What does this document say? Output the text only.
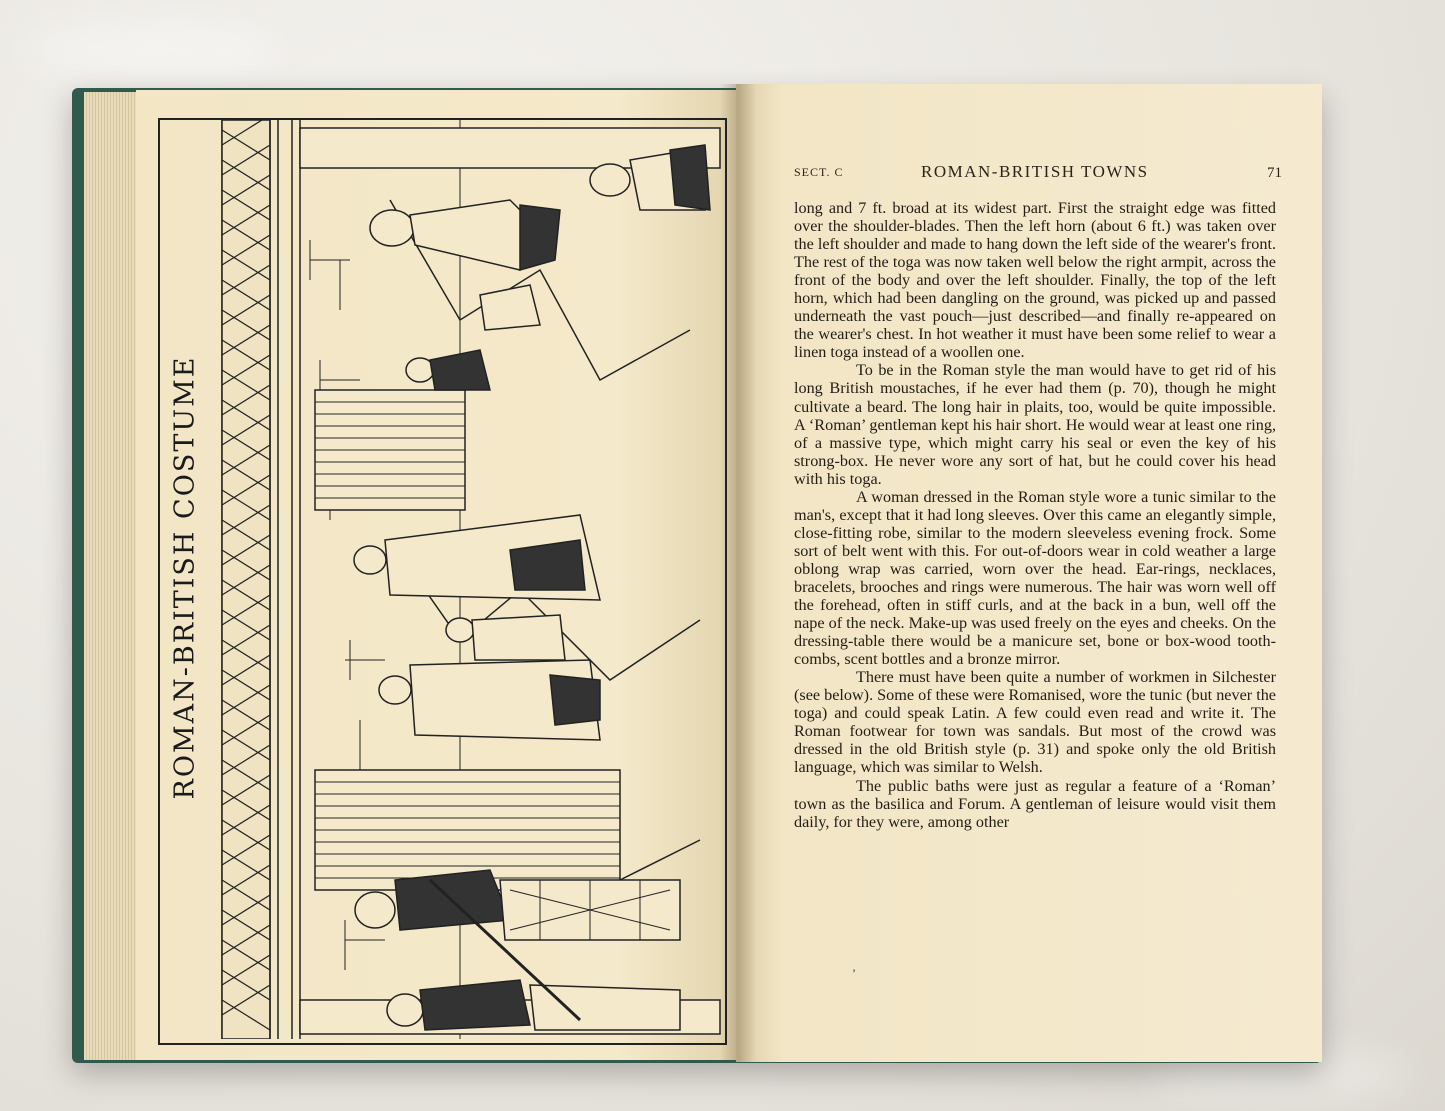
ROMAN-BRITISH COSTUME
SECT. C	ROMAN-BRITISH TOWNS	71

long and 7 ft. broad at its widest part. First the straight edge was fitted over the shoulder-blades. Then the left horn (about 6 ft.) was taken over the left shoulder and made to hang down the left side of the wearer's front. The rest of the toga was now taken well below the right armpit, across the front of the body and over the left shoulder. Finally, the top of the left horn, which had been dangling on the ground, was picked up and passed underneath the vast pouch—just described—and finally re-appeared on the wearer's chest. In hot weather it must have been some relief to wear a linen toga instead of a woollen one.

To be in the Roman style the man would have to get rid of his long British moustaches, if he ever had them (p. 70), though he might cultivate a beard. The long hair in plaits, too, would be quite impossible. A ‘Roman’ gentleman kept his hair short. He would wear at least one ring, of a massive type, which might carry his seal or even the key of his strong-box. He never wore any sort of hat, but he could cover his head with his toga.

A woman dressed in the Roman style wore a tunic similar to the man's, except that it had long sleeves. Over this came an elegantly simple, close-fitting robe, similar to the modern sleeveless evening frock. Some sort of belt went with this. For out-of-doors wear in cold weather a large oblong wrap was carried, worn over the head. Ear-rings, necklaces, bracelets, brooches and rings were numerous. The hair was worn well off the forehead, often in stiff curls, and at the back in a bun, well off the nape of the neck. Make-up was used freely on the eyes and cheeks. On the dressing-table there would be a manicure set, bone or box-wood tooth-combs, scent bottles and a bronze mirror.

There must have been quite a number of workmen in Silchester (see below). Some of these were Romanised, wore the tunic (but never the toga) and could speak Latin. A few could even read and write it. The Roman footwear for town was sandals. But most of the crowd was dressed in the old British style (p. 31) and spoke only the old British language, which was similar to Welsh.

The public baths were just as regular a feature of a ‘Roman’ town as the basilica and Forum. A gentleman of leisure would visit them daily, for they were, among other

’
